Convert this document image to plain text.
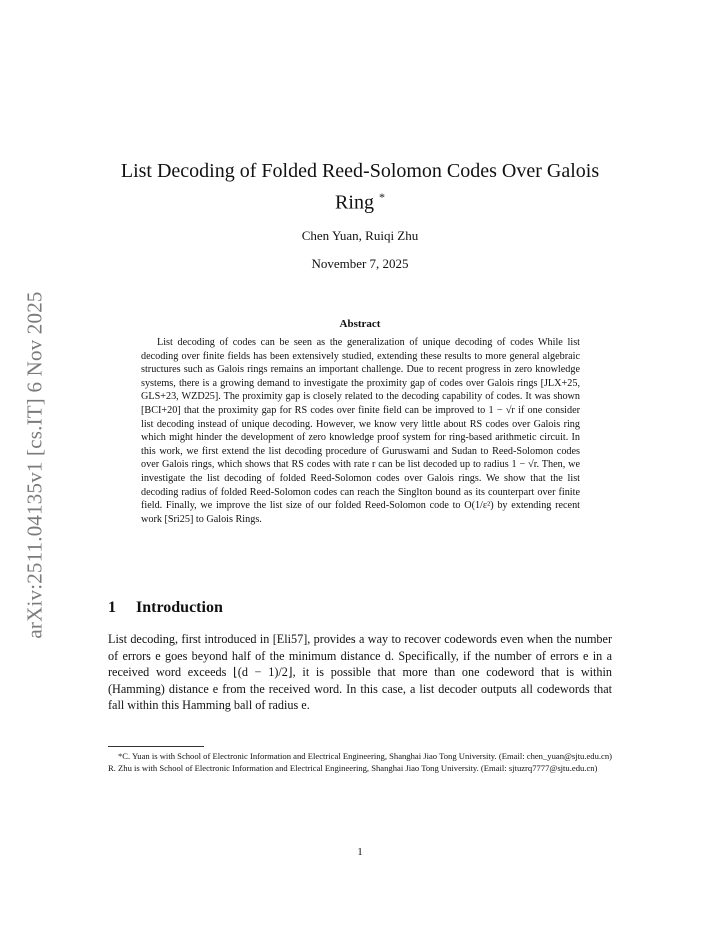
arXiv:2511.04135v1 [cs.IT] 6 Nov 2025
List Decoding of Folded Reed-Solomon Codes Over Galois Ring *
Chen Yuan, Ruiqi Zhu
November 7, 2025
Abstract
List decoding of codes can be seen as the generalization of unique decoding of codes While list decoding over finite fields has been extensively studied, extending these results to more general algebraic structures such as Galois rings remains an important challenge. Due to recent progress in zero knowledge systems, there is a growing demand to investigate the proximity gap of codes over Galois rings [JLX+25, GLS+23, WZD25]. The proximity gap is closely related to the decoding capability of codes. It was shown [BCI+20] that the proximity gap for RS codes over finite field can be improved to 1 − √r if one consider list decoding instead of unique decoding. However, we know very little about RS codes over Galois ring which might hinder the development of zero knowledge proof system for ring-based arithmetic circuit. In this work, we first extend the list decoding procedure of Guruswami and Sudan to Reed-Solomon codes over Galois rings, which shows that RS codes with rate r can be list decoded up to radius 1 − √r. Then, we investigate the list decoding of folded Reed-Solomon codes over Galois rings. We show that the list decoding radius of folded Reed-Solomon codes can reach the Singlton bound as its counterpart over finite field. Finally, we improve the list size of our folded Reed-Solomon code to O(1/ε²) by extending recent work [Sri25] to Galois Rings.
1 Introduction
List decoding, first introduced in [Eli57], provides a way to recover codewords even when the number of errors e goes beyond half of the minimum distance d. Specifically, if the number of errors e in a received word exceeds ⌊(d − 1)/2⌋, it is possible that more than one codeword that is within (Hamming) distance e from the received word. In this case, a list decoder outputs all codewords that fall within this Hamming ball of radius e.
*C. Yuan is with School of Electronic Information and Electrical Engineering, Shanghai Jiao Tong University. (Email: chen_yuan@sjtu.edu.cn) R. Zhu is with School of Electronic Information and Electrical Engineering, Shanghai Jiao Tong University. (Email: sjtuzrq7777@sjtu.edu.cn)
1
